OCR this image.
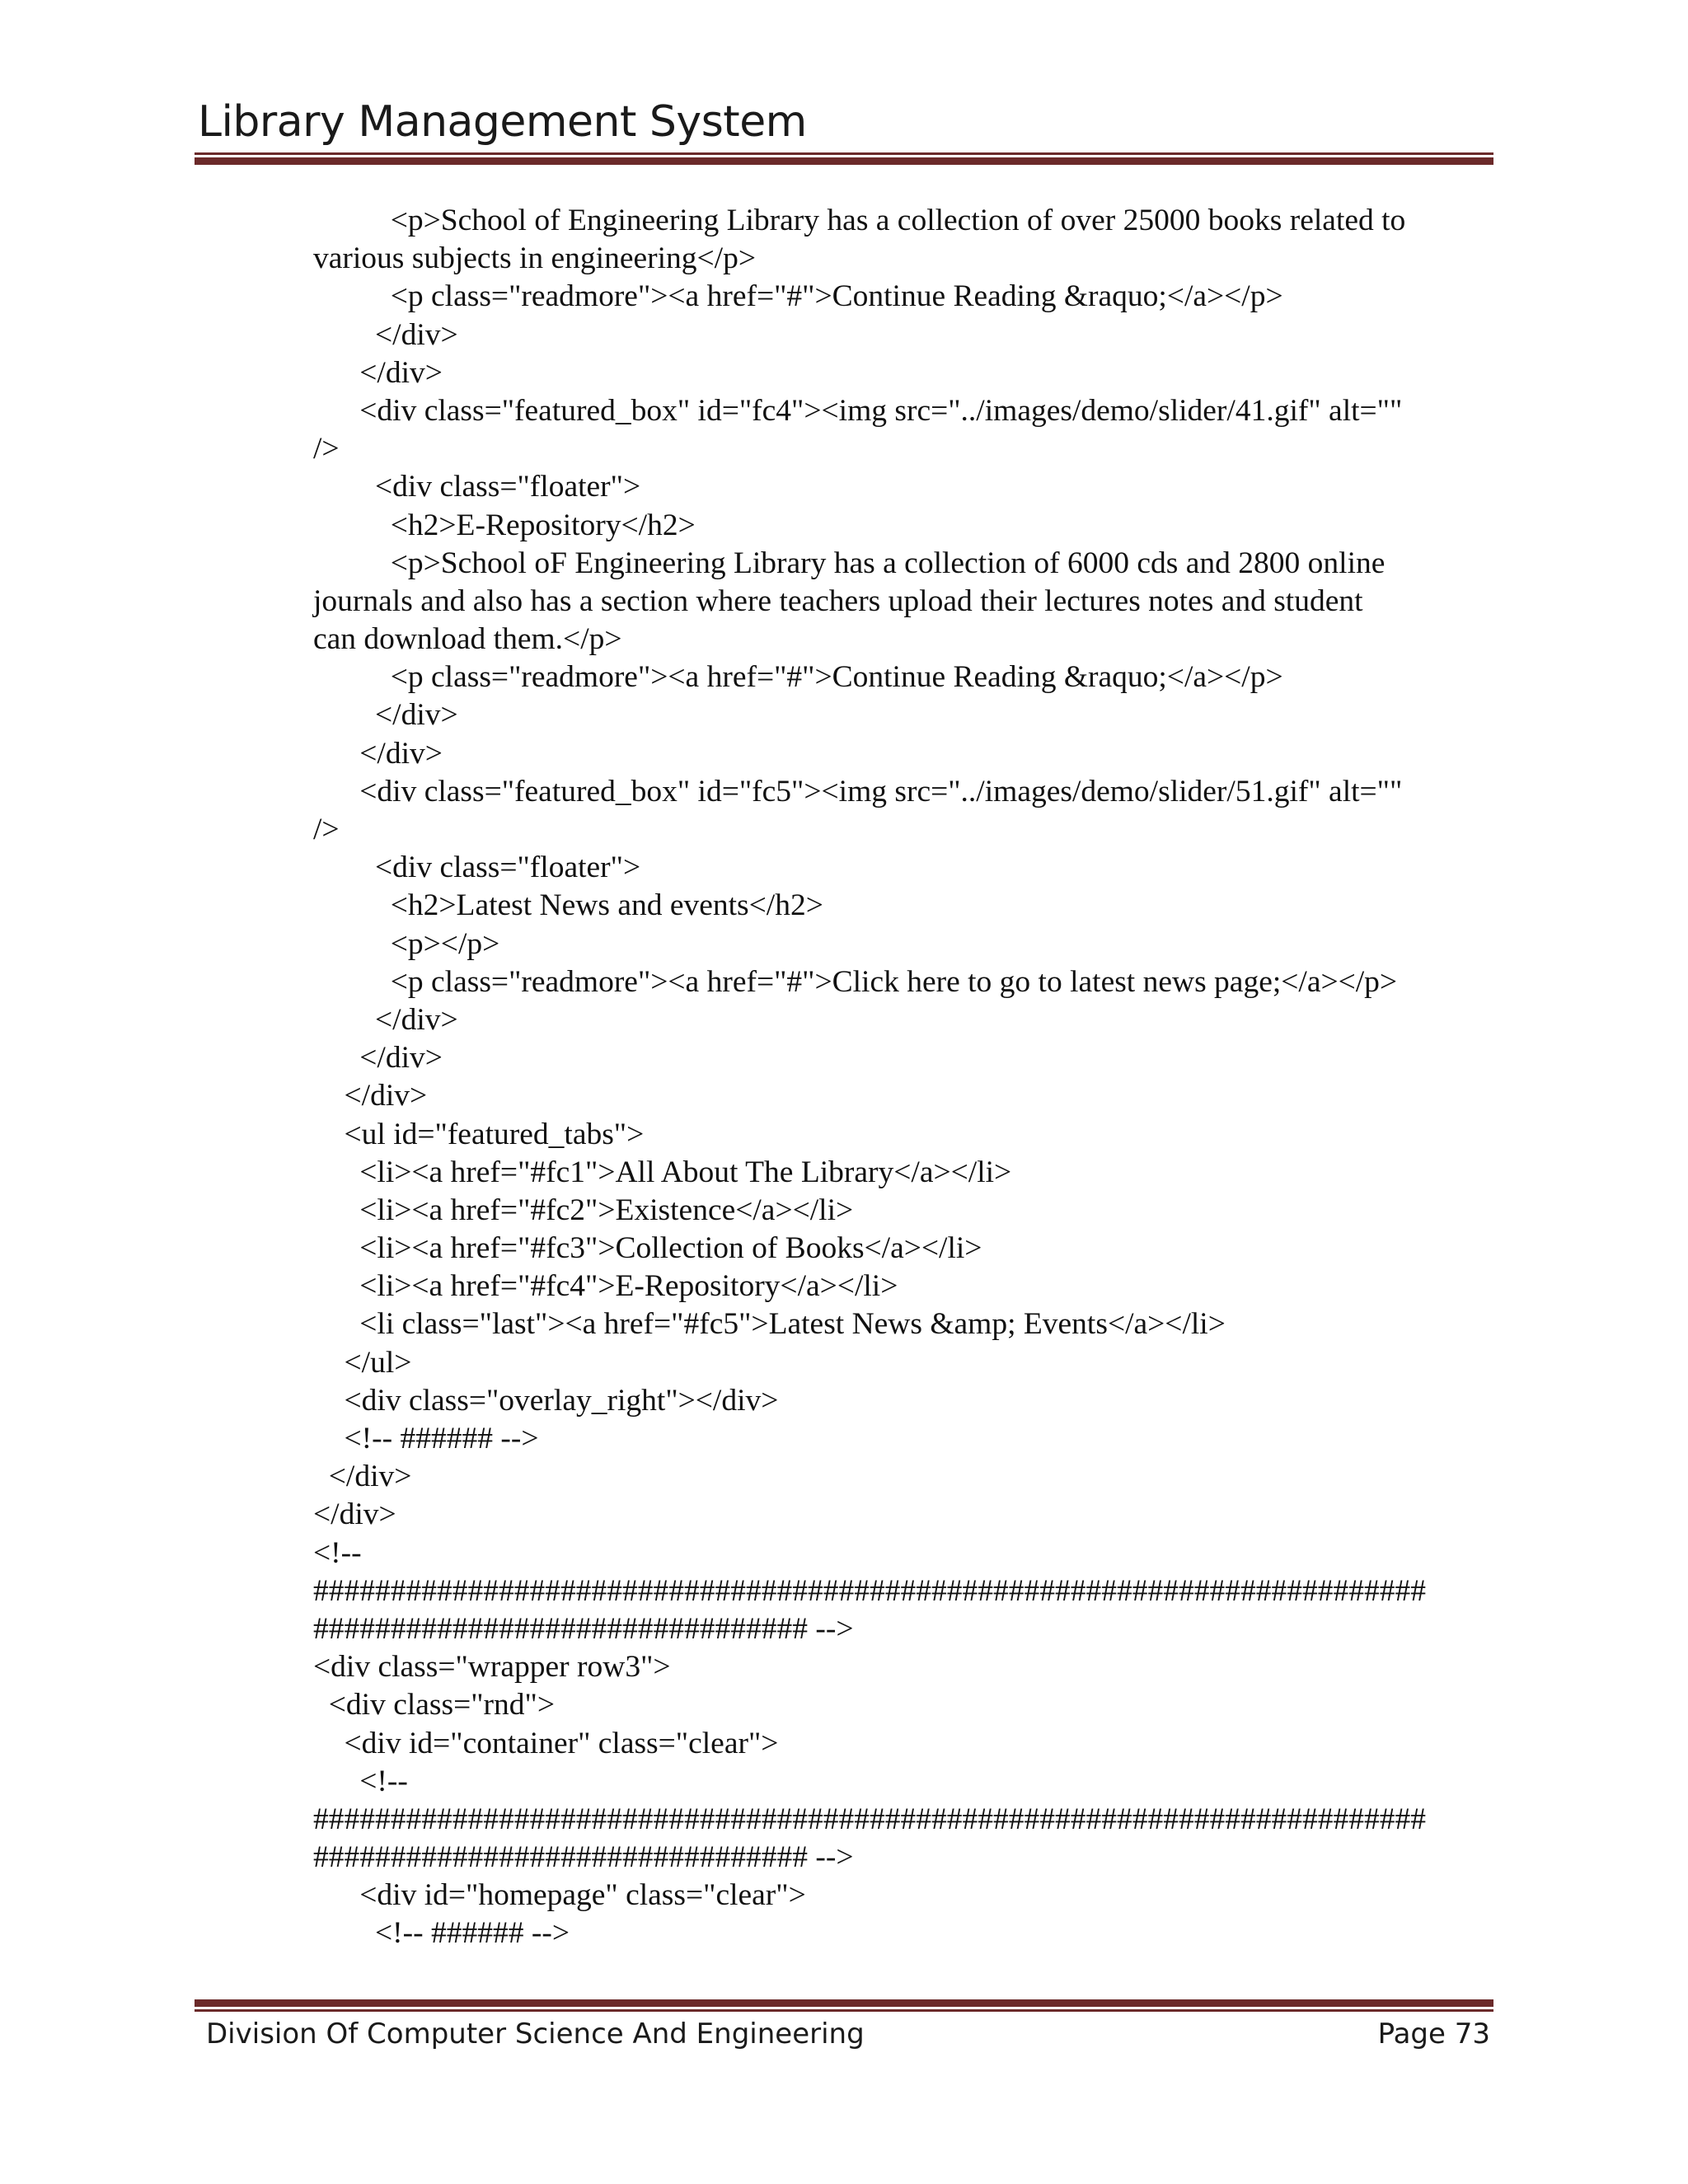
Library Management System
<p>School of Engineering Library has a collection of over 25000 books related to
various subjects in engineering</p>
<p class="readmore"><a href="#">Continue Reading &raquo;</a></p>
</div>
</div>
<div class="featured_box" id="fc4"><img src="../images/demo/slider/41.gif" alt=""
/>
<div class="floater">
<h2>E-Repository</h2>
<p>School oF Engineering Library has a collection of 6000 cds and 2800 online
journals and also has a section where teachers upload their lectures notes and student
can download them.</p>
<p class="readmore"><a href="#">Continue Reading &raquo;</a></p>
</div>
</div>
<div class="featured_box" id="fc5"><img src="../images/demo/slider/51.gif" alt=""
/>
<div class="floater">
<h2>Latest News and events</h2>
<p></p>
<p class="readmore"><a href="#">Click here to go to latest news page;</a></p>
</div>
</div>
</div>
<ul id="featured_tabs">
<li><a href="#fc1">All About The Library</a></li>
<li><a href="#fc2">Existence</a></li>
<li><a href="#fc3">Collection of Books</a></li>
<li><a href="#fc4">E-Repository</a></li>
<li class="last"><a href="#fc5">Latest News &amp; Events</a></li>
</ul>
<div class="overlay_right"></div>
<!-- ###### -->
</div>
</div>
<!--
########################################################################
################################ -->
<div class="wrapper row3">
<div class="rnd">
<div id="container" class="clear">
<!--
########################################################################
################################ -->
<div id="homepage" class="clear">
<!-- ###### -->
Division Of Computer Science And Engineering	Page 73
